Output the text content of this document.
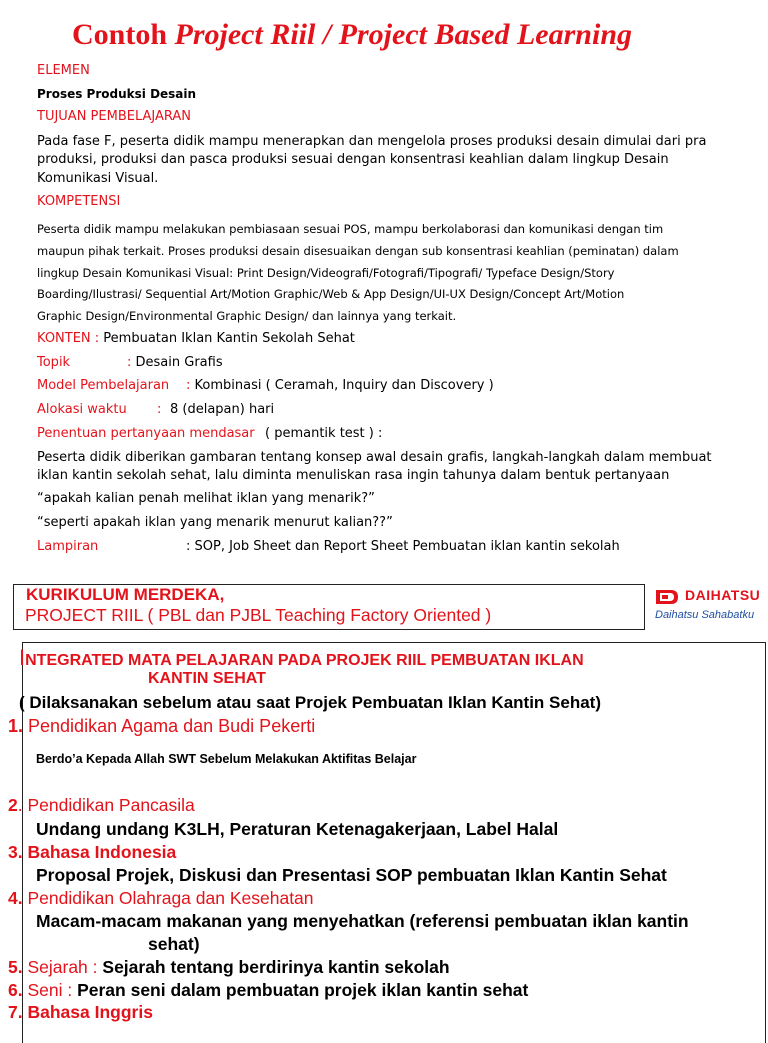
Contoh Project Riil / Project Based Learning
ELEMEN
Proses Produksi Desain
TUJUAN PEMBELAJARAN
Pada fase F, peserta didik mampu menerapkan dan mengelola proses produksi desain dimulai dari pra
produksi, produksi dan pasca produksi sesuai dengan konsentrasi keahlian dalam lingkup Desain
Komunikasi Visual.
KOMPETENSI
Peserta didik mampu melakukan pembiasaan sesuai POS, mampu berkolaborasi dan komunikasi dengan tim
maupun pihak terkait. Proses produksi desain disesuaikan dengan sub konsentrasi keahlian (peminatan) dalam
lingkup Desain Komunikasi Visual: Print Design/Videografi/Fotografi/Tipografi/ Typeface Design/Story
Boarding/Ilustrasi/ Sequential Art/Motion Graphic/Web & App Design/UI-UX Design/Concept Art/Motion
Graphic Design/Environmental Graphic Design/ dan lainnya yang terkait.
KONTEN : Pembuatan Iklan Kantin Sekolah Sehat
Topik	: Desain Grafis
Model Pembelajaran : Kombinasi ( Ceramah, Inquiry dan Discovery )
Alokasi waktu : 8 (delapan) hari
Penentuan pertanyaan mendasar ( pemantik test ) :
Peserta didik diberikan gambaran tentang konsep awal desain grafis, langkah-langkah dalam membuat
iklan kantin sekolah sehat, lalu diminta menuliskan rasa ingin tahunya dalam bentuk pertanyaan
“apakah kalian penah melihat iklan yang menarik?”
“seperti apakah iklan yang menarik menurut kalian??”
Lampiran	: SOP, Job Sheet dan Report Sheet Pembuatan iklan kantin sekolah
KURIKULUM MERDEKA,
PROJECT RIIL ( PBL dan PJBL Teaching Factory Oriented )
DAIHATSU
Daihatsu Sahabatku
INTEGRATED MATA PELAJARAN PADA PROJEK RIIL PEMBUATAN IKLAN
KANTIN SEHAT
( Dilaksanakan sebelum atau saat Projek Pembuatan Iklan Kantin Sehat)
1. Pendidikan Agama dan Budi Pekerti
Berdo’a Kepada Allah SWT Sebelum Melakukan Aktifitas Belajar
2. Pendidikan Pancasila
Undang undang K3LH, Peraturan Ketenagakerjaan, Label Halal
3. Bahasa Indonesia
Proposal Projek, Diskusi dan Presentasi SOP pembuatan Iklan Kantin Sehat
4. Pendidikan Olahraga dan Kesehatan
Macam-macam makanan yang menyehatkan (referensi pembuatan iklan kantin
sehat)
5. Sejarah : Sejarah tentang berdirinya kantin sekolah
6. Seni : Peran seni dalam pembuatan projek iklan kantin sehat
7. Bahasa Inggris
